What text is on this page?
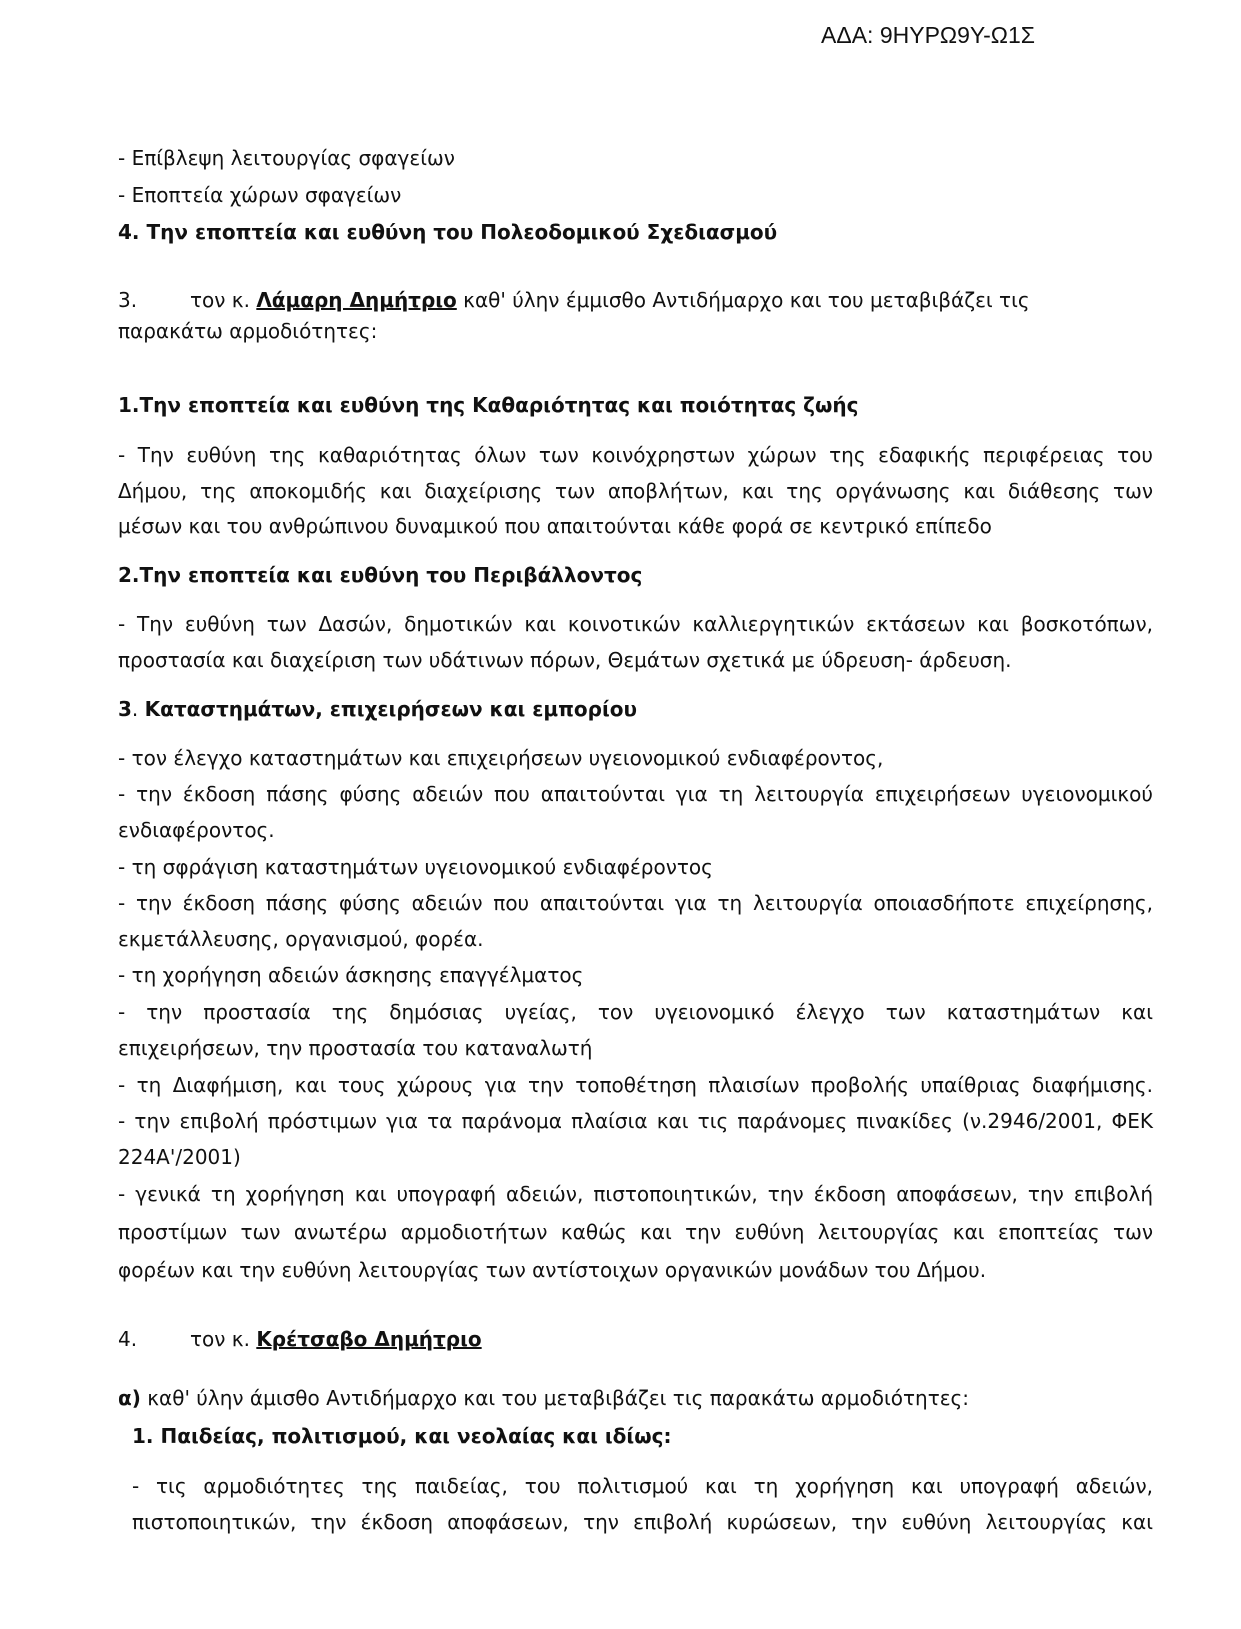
ΑΔΑ: 9ΗΥΡΩ9Υ-Ω1Σ
- Επίβλεψη λειτουργίας σφαγείων
- Εποπτεία χώρων σφαγείων
4. Την εποπτεία και ευθύνη του Πολεοδομικού Σχεδιασμού
3.	τον κ. Λάμαρη Δημήτριο καθ' ύλην έμμισθο Αντιδήμαρχο και του μεταβιβάζει τις
παρακάτω αρμοδιότητες:
1.Την εποπτεία και ευθύνη της Καθαριότητας και ποιότητας ζωής
- Την ευθύνη της καθαριότητας όλων των κοινόχρηστων χώρων της εδαφικής περιφέρειας του
Δήμου, της αποκομιδής και διαχείρισης των αποβλήτων, και της οργάνωσης και διάθεσης των
μέσων και του ανθρώπινου δυναμικού που απαιτούνται κάθε φορά σε κεντρικό επίπεδο
2.Την εποπτεία και ευθύνη του Περιβάλλοντος
- Την ευθύνη των Δασών, δημοτικών και κοινοτικών καλλιεργητικών εκτάσεων και βοσκοτόπων,
προστασία και διαχείριση των υδάτινων πόρων, Θεμάτων σχετικά με ύδρευση- άρδευση.
3. Καταστημάτων, επιχειρήσεων και εμπορίου
- τον έλεγχο καταστημάτων και επιχειρήσεων υγειονομικού ενδιαφέροντος,
- την έκδοση πάσης φύσης αδειών που απαιτούνται για τη λειτουργία επιχειρήσεων υγειονομικού
ενδιαφέροντος.
- τη σφράγιση καταστημάτων υγειονομικού ενδιαφέροντος
- την έκδοση πάσης φύσης αδειών που απαιτούνται για τη λειτουργία οποιασδήποτε επιχείρησης,
εκμετάλλευσης, οργανισμού, φορέα.
- τη χορήγηση αδειών άσκησης επαγγέλματος
- την προστασία της δημόσιας υγείας, τον υγειονομικό έλεγχο των καταστημάτων και
επιχειρήσεων, την προστασία του καταναλωτή
- τη Διαφήμιση, και τους χώρους για την τοποθέτηση πλαισίων προβολής υπαίθριας διαφήμισης.
- την επιβολή πρόστιμων για τα παράνομα πλαίσια και τις παράνομες πινακίδες (ν.2946/2001, ΦΕΚ
224Α'/2001)
- γενικά τη χορήγηση και υπογραφή αδειών, πιστοποιητικών, την έκδοση αποφάσεων, την επιβολή
προστίμων των ανωτέρω αρμοδιοτήτων καθώς και την ευθύνη λειτουργίας και εποπτείας των
φορέων και την ευθύνη λειτουργίας των αντίστοιχων οργανικών μονάδων του Δήμου.
4.	τον κ. Κρέτσαβο Δημήτριο
α) καθ' ύλην άμισθο Αντιδήμαρχο και του μεταβιβάζει τις παρακάτω αρμοδιότητες:
1. Παιδείας, πολιτισμού, και νεολαίας και ιδίως:
- τις αρμοδιότητες της παιδείας, του πολιτισμού και τη χορήγηση και υπογραφή αδειών,
πιστοποιητικών, την έκδοση αποφάσεων, την επιβολή κυρώσεων, την ευθύνη λειτουργίας και
